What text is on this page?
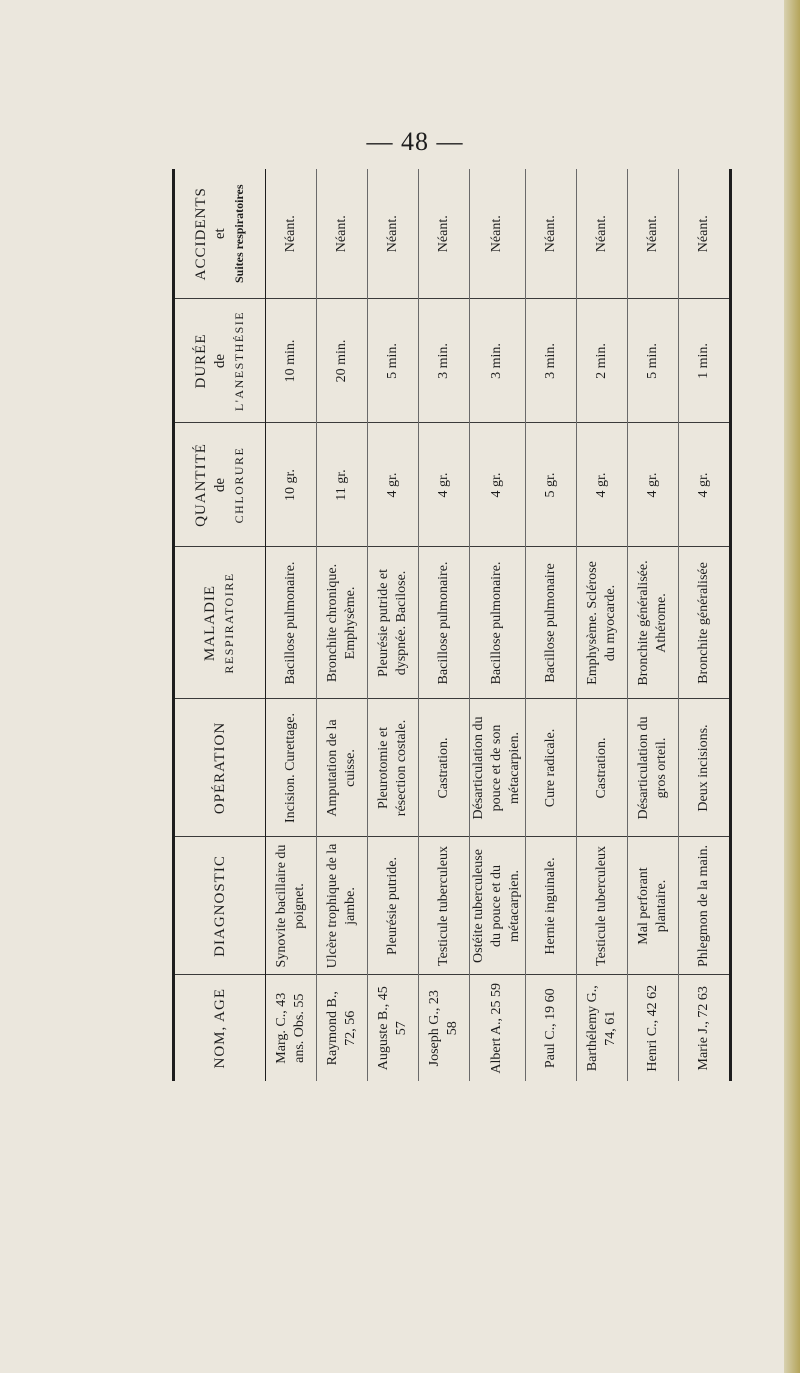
— 48 —
NOM, AGE	DIAGNOSTIC	OPÉRATION	MALADIE RESPIRATOIRE	QUANTITÉ de CHLORURE	DURÉE de L'ANESTHÉSIE	ACCIDENTS et Suites respiratoires

Marg. C., 43 ans. Obs. 55	Synovite bacillaire du poignet.	Incision. Curettage.	Bacillose pulmonaire.	10 gr.	10 min.	Néant.
Raymond B., 72, 56	Ulcère trophique de la jambe.	Amputation de la cuisse.	Bronchite chronique. Emphysème.	11 gr.	20 min.	Néant.
Auguste B., 45 57	Pleurésie putride.	Pleurotomie et résection costale.	Pleurésie putride et dyspnée. Bacilose.	4 gr.	5 min.	Néant.
Joseph G., 23 58	Testicule tuberculeux	Castration.	Bacillose pulmonaire.	4 gr.	3 min.	Néant.
Albert A., 25 59	Ostéite tuberculeuse du pouce et du métacarpien.	Désarticulation du pouce et de son métacarpien.	Bacillose pulmonaire.	4 gr.	3 min.	Néant.
Paul C., 19 60	Hernie inguinale.	Cure radicale.	Bacillose pulmonaire	5 gr.	3 min.	Néant.
Barthélemy G., 74, 61	Testicule tuberculeux	Castration.	Emphysème. Sclérose du myocarde.	4 gr.	2 min.	Néant.
Henri C., 42 62	Mal perforant plantaire.	Désarticulation du gros orteil.	Bronchite généralisée. Athérome.	4 gr.	5 min.	Néant.
Marie J., 72 63	Phlegmon de la main.	Deux incisions.	Bronchite généralisée	4 gr.	1 min.	Néant.
